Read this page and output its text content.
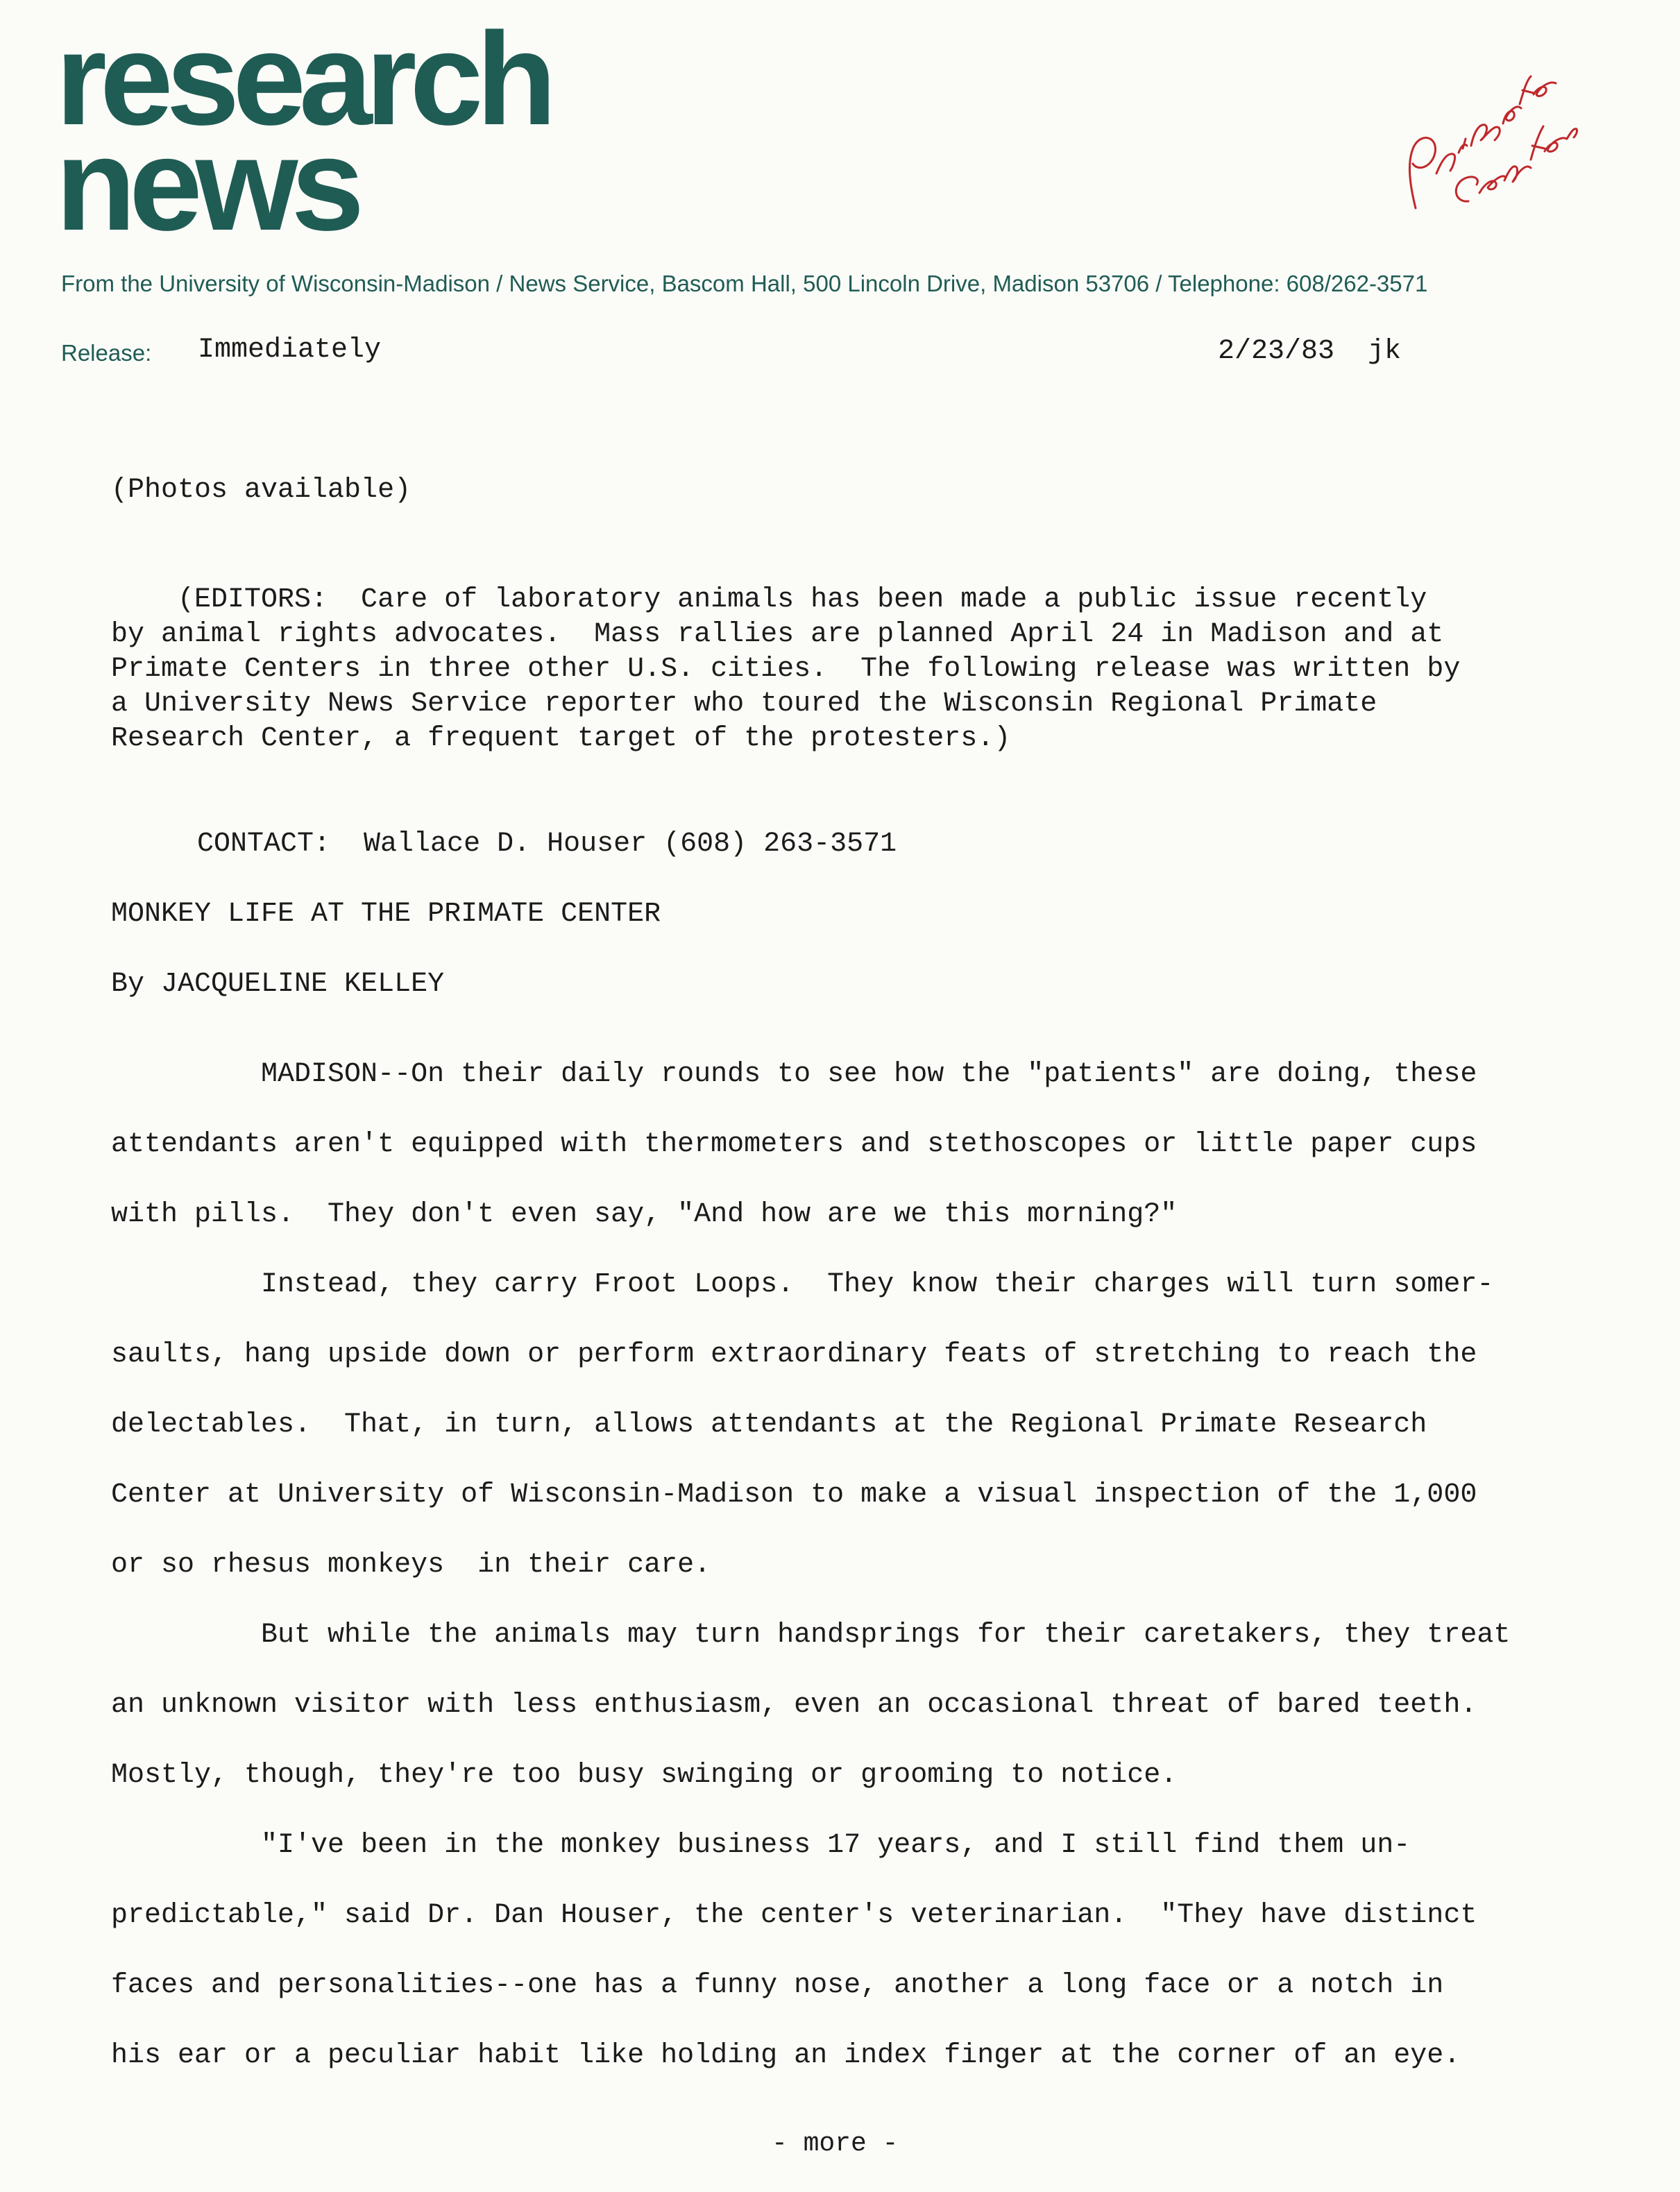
research
news
From the University of Wisconsin-Madison / News Service, Bascom Hall, 500 Lincoln Drive, Madison 53706 / Telephone: 608/262-3571
Release: Immediately	2/23/83  jk
(Photos available)
(EDITORS:  Care of laboratory animals has been made a public issue recently
by animal rights advocates.  Mass rallies are planned April 24 in Madison and at
Primate Centers in three other U.S. cities.  The following release was written by
a University News Service reporter who toured the Wisconsin Regional Primate
Research Center, a frequent target of the protesters.)
CONTACT:  Wallace D. Houser (608) 263-3571
MONKEY LIFE AT THE PRIMATE CENTER
By JACQUELINE KELLEY
MADISON--On their daily rounds to see how the "patients" are doing, these
attendants aren't equipped with thermometers and stethoscopes or little paper cups
with pills.  They don't even say, "And how are we this morning?"
Instead, they carry Froot Loops.  They know their charges will turn somer-
saults, hang upside down or perform extraordinary feats of stretching to reach the
delectables.  That, in turn, allows attendants at the Regional Primate Research
Center at University of Wisconsin-Madison to make a visual inspection of the 1,000
or so rhesus monkeys  in their care.
But while the animals may turn handsprings for their caretakers, they treat
an unknown visitor with less enthusiasm, even an occasional threat of bared teeth.
Mostly, though, they're too busy swinging or grooming to notice.
"I've been in the monkey business 17 years, and I still find them un-
predictable," said Dr. Dan Houser, the center's veterinarian.  "They have distinct
faces and personalities--one has a funny nose, another a long face or a notch in
his ear or a peculiar habit like holding an index finger at the corner of an eye.
- more -
